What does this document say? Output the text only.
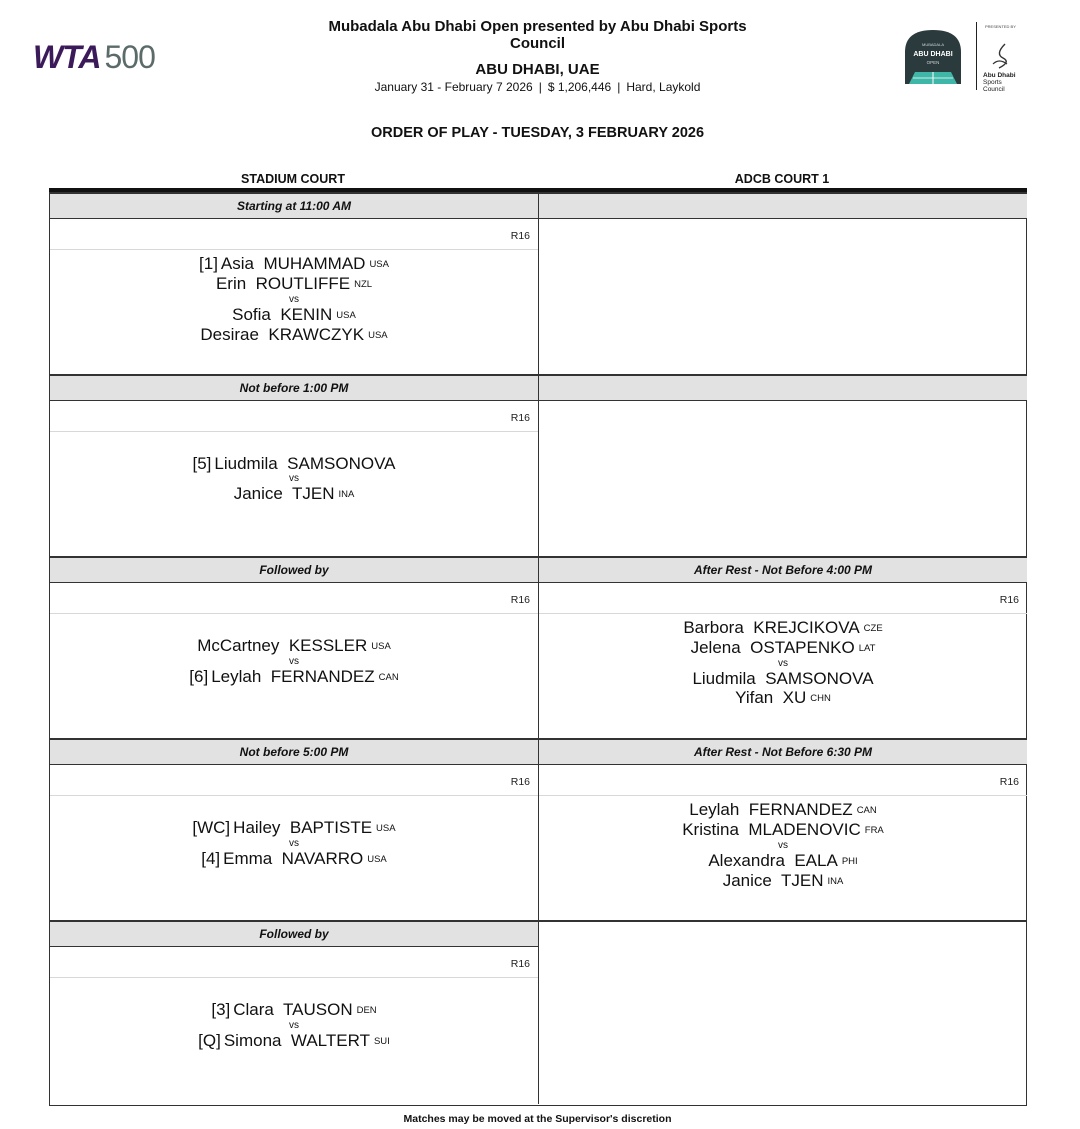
WTA 500
Mubadala Abu Dhabi Open presented by Abu Dhabi Sports Council
ABU DHABI, UAE
January 31 - February 7 2026 | $ 1,206,446 | Hard, Laykold
MUBADALA
ABU DHABI
OPEN
PRESENTED BY
Abu Dhabi
Sports Council
ORDER OF PLAY - TUESDAY, 3 FEBRUARY 2026
STADIUM COURT	ADCB COURT 1
Starting at 11:00 AM
R16
[1] Asia  MUHAMMAD USA
Erin  ROUTLIFFE NZL
vs
Sofia  KENIN USA
Desirae  KRAWCZYK USA
Not before 1:00 PM
R16
[5] Liudmila  SAMSONOVA
vs
Janice  TJEN INA
Followed by
R16
McCartney  KESSLER USA
vs
[6] Leylah  FERNANDEZ CAN
Not before 5:00 PM
R16
[WC] Hailey  BAPTISTE USA
vs
[4] Emma  NAVARRO USA
Followed by
R16
[3] Clara  TAUSON DEN
vs
[Q] Simona  WALTERT SUI
After Rest - Not Before 4:00 PM
R16
Barbora  KREJCIKOVA CZE
Jelena  OSTAPENKO LAT
vs
Liudmila  SAMSONOVA
Yifan  XU CHN
After Rest - Not Before 6:30 PM
R16
Leylah  FERNANDEZ CAN
Kristina  MLADENOVIC FRA
vs
Alexandra  EALA PHI
Janice  TJEN INA
Matches may be moved at the Supervisor's discretion
